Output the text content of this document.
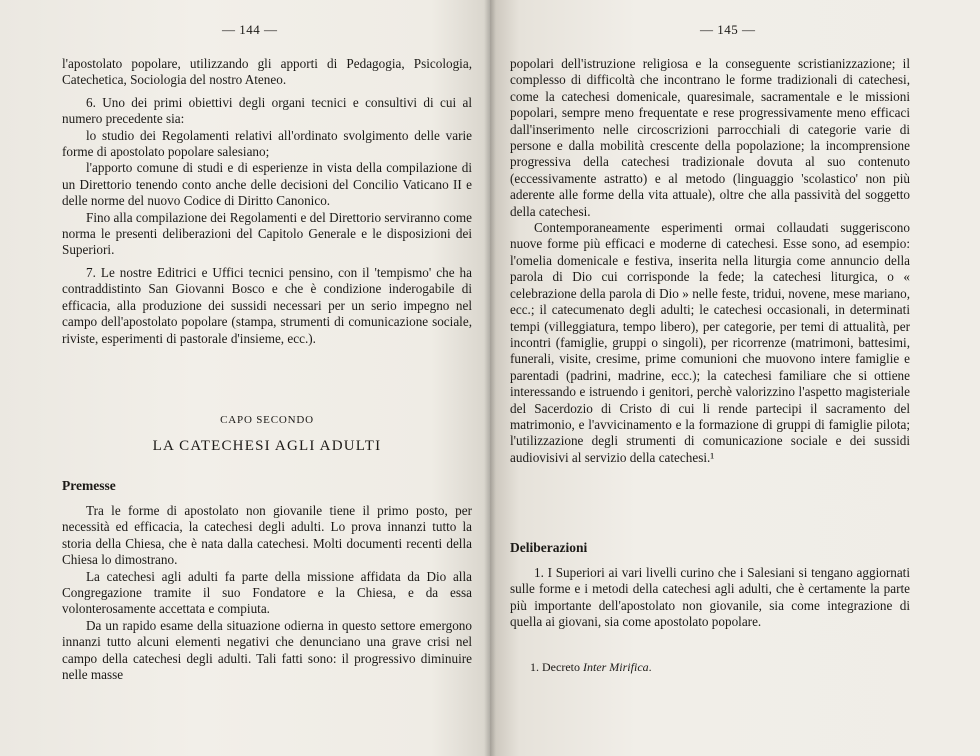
— 144 —

l'apostolato popolare, utilizzando gli apporti di Pedagogia, Psicologia, Catechetica, Sociologia del nostro Ateneo.

6. Uno dei primi obiettivi degli organi tecnici e consultivi di cui al numero precedente sia:

lo studio dei Regolamenti relativi all'ordinato svolgimento delle varie forme di apostolato popolare salesiano;

l'apporto comune di studi e di esperienze in vista della compilazione di un Direttorio tenendo conto anche delle decisioni del Concilio Vaticano II e delle norme del nuovo Codice di Diritto Canonico.

Fino alla compilazione dei Regolamenti e del Direttorio serviranno come norma le presenti deliberazioni del Capitolo Generale e le disposizioni dei Superiori.

7. Le nostre Editrici e Uffici tecnici pensino, con il 'tempismo' che ha contraddistinto San Giovanni Bosco e che è condizione inderogabile di efficacia, alla produzione dei sussidi necessari per un serio impegno nel campo dell'apostolato popolare (stampa, strumenti di comunicazione sociale, riviste, esperimenti di pastorale d'insieme, ecc.).

CAPO SECONDO
LA CATECHESI AGLI ADULTI
Premesse

Tra le forme di apostolato non giovanile tiene il primo posto, per necessità ed efficacia, la catechesi degli adulti. Lo prova innanzi tutto la storia della Chiesa, che è nata dalla catechesi. Molti documenti recenti della Chiesa lo dimostrano.

La catechesi agli adulti fa parte della missione affidata da Dio alla Congregazione tramite il suo Fondatore e la Chiesa, e da essa volonterosamente accettata e compiuta.

Da un rapido esame della situazione odierna in questo settore emergono innanzi tutto alcuni elementi negativi che denunciano una grave crisi nel campo della catechesi degli adulti. Tali fatti sono: il progressivo diminuire nelle masse

— 145 —

popolari dell'istruzione religiosa e la conseguente scristianizzazione; il complesso di difficoltà che incontrano le forme tradizionali di catechesi, come la catechesi domenicale, quaresimale, sacramentale e le missioni popolari, sempre meno frequentate e rese progressivamente meno efficaci dall'inserimento nelle circoscrizioni parrocchiali di categorie varie di persone e dalla mobilità crescente della popolazione; la incomprensione progressiva della catechesi tradizionale dovuta al suo contenuto (eccessivamente astratto) e al metodo (linguaggio 'scolastico' non più aderente alle forme della vita attuale), oltre che alla passività del soggetto della catechesi.

Contemporaneamente esperimenti ormai collaudati suggeriscono nuove forme più efficaci e moderne di catechesi. Esse sono, ad esempio: l'omelia domenicale e festiva, inserita nella liturgia come annuncio della parola di Dio cui corrisponde la fede; la catechesi liturgica, o « celebrazione della parola di Dio » nelle feste, tridui, novene, mese mariano, ecc.; il catecumenato degli adulti; le catechesi occasionali, in determinati tempi (villeggiatura, tempo libero), per categorie, per temi di attualità, per incontri (famiglie, gruppi o singoli), per ricorrenze (matrimoni, battesimi, funerali, visite, cresime, prime comunioni che muovono intere famiglie e parentadi (padrini, madrine, ecc.); la catechesi familiare che si ottiene interessando e istruendo i genitori, perchè valorizzino l'aspetto magisteriale del Sacerdozio di Cristo di cui li rende partecipi il sacramento del matrimonio, e l'avvicinamento e la formazione di gruppi di famiglie pilota; l'utilizzazione degli strumenti di comunicazione sociale e dei sussidi audiovisivi al servizio della catechesi.¹

Deliberazioni

1. I Superiori ai vari livelli curino che i Salesiani si tengano aggiornati sulle forme e i metodi della catechesi agli adulti, che è certamente la parte più importante dell'apostolato non giovanile, sia come integrazione di quella ai giovani, sia come apostolato popolare.

1. Decreto Inter Mirifica.
